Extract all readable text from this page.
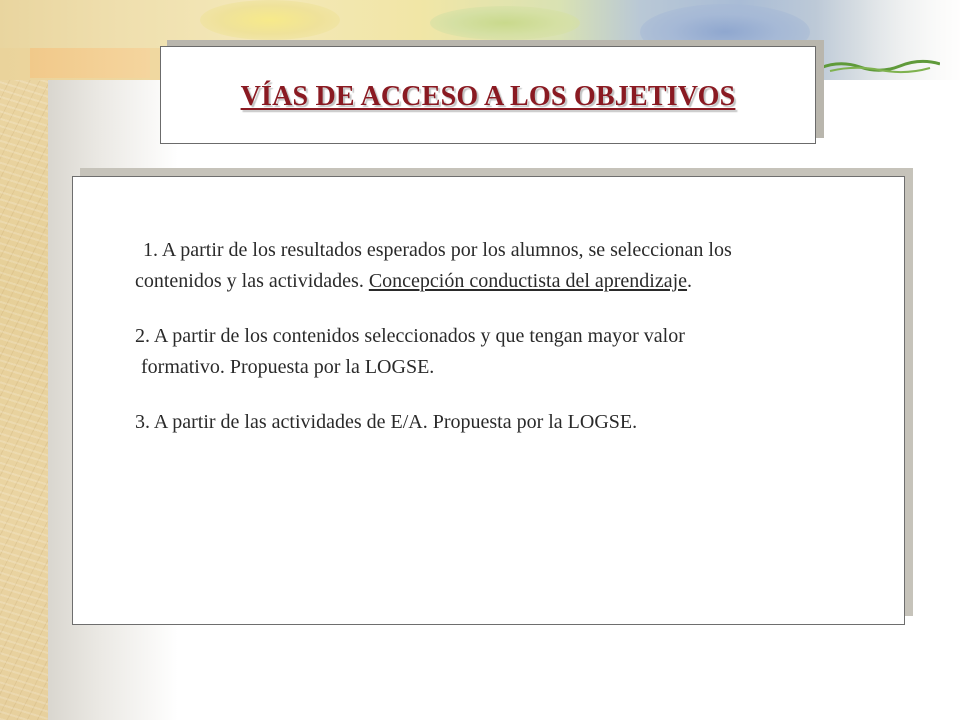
VÍAS DE ACCESO A LOS OBJETIVOS

1. A partir de los resultados esperados por los alumnos, se seleccionan los
contenidos y las actividades. Concepción conductista del aprendizaje.

2. A partir de los contenidos seleccionados y que tengan mayor valor
formativo. Propuesta por la LOGSE.

3. A partir de las actividades de E/A. Propuesta por la LOGSE.
